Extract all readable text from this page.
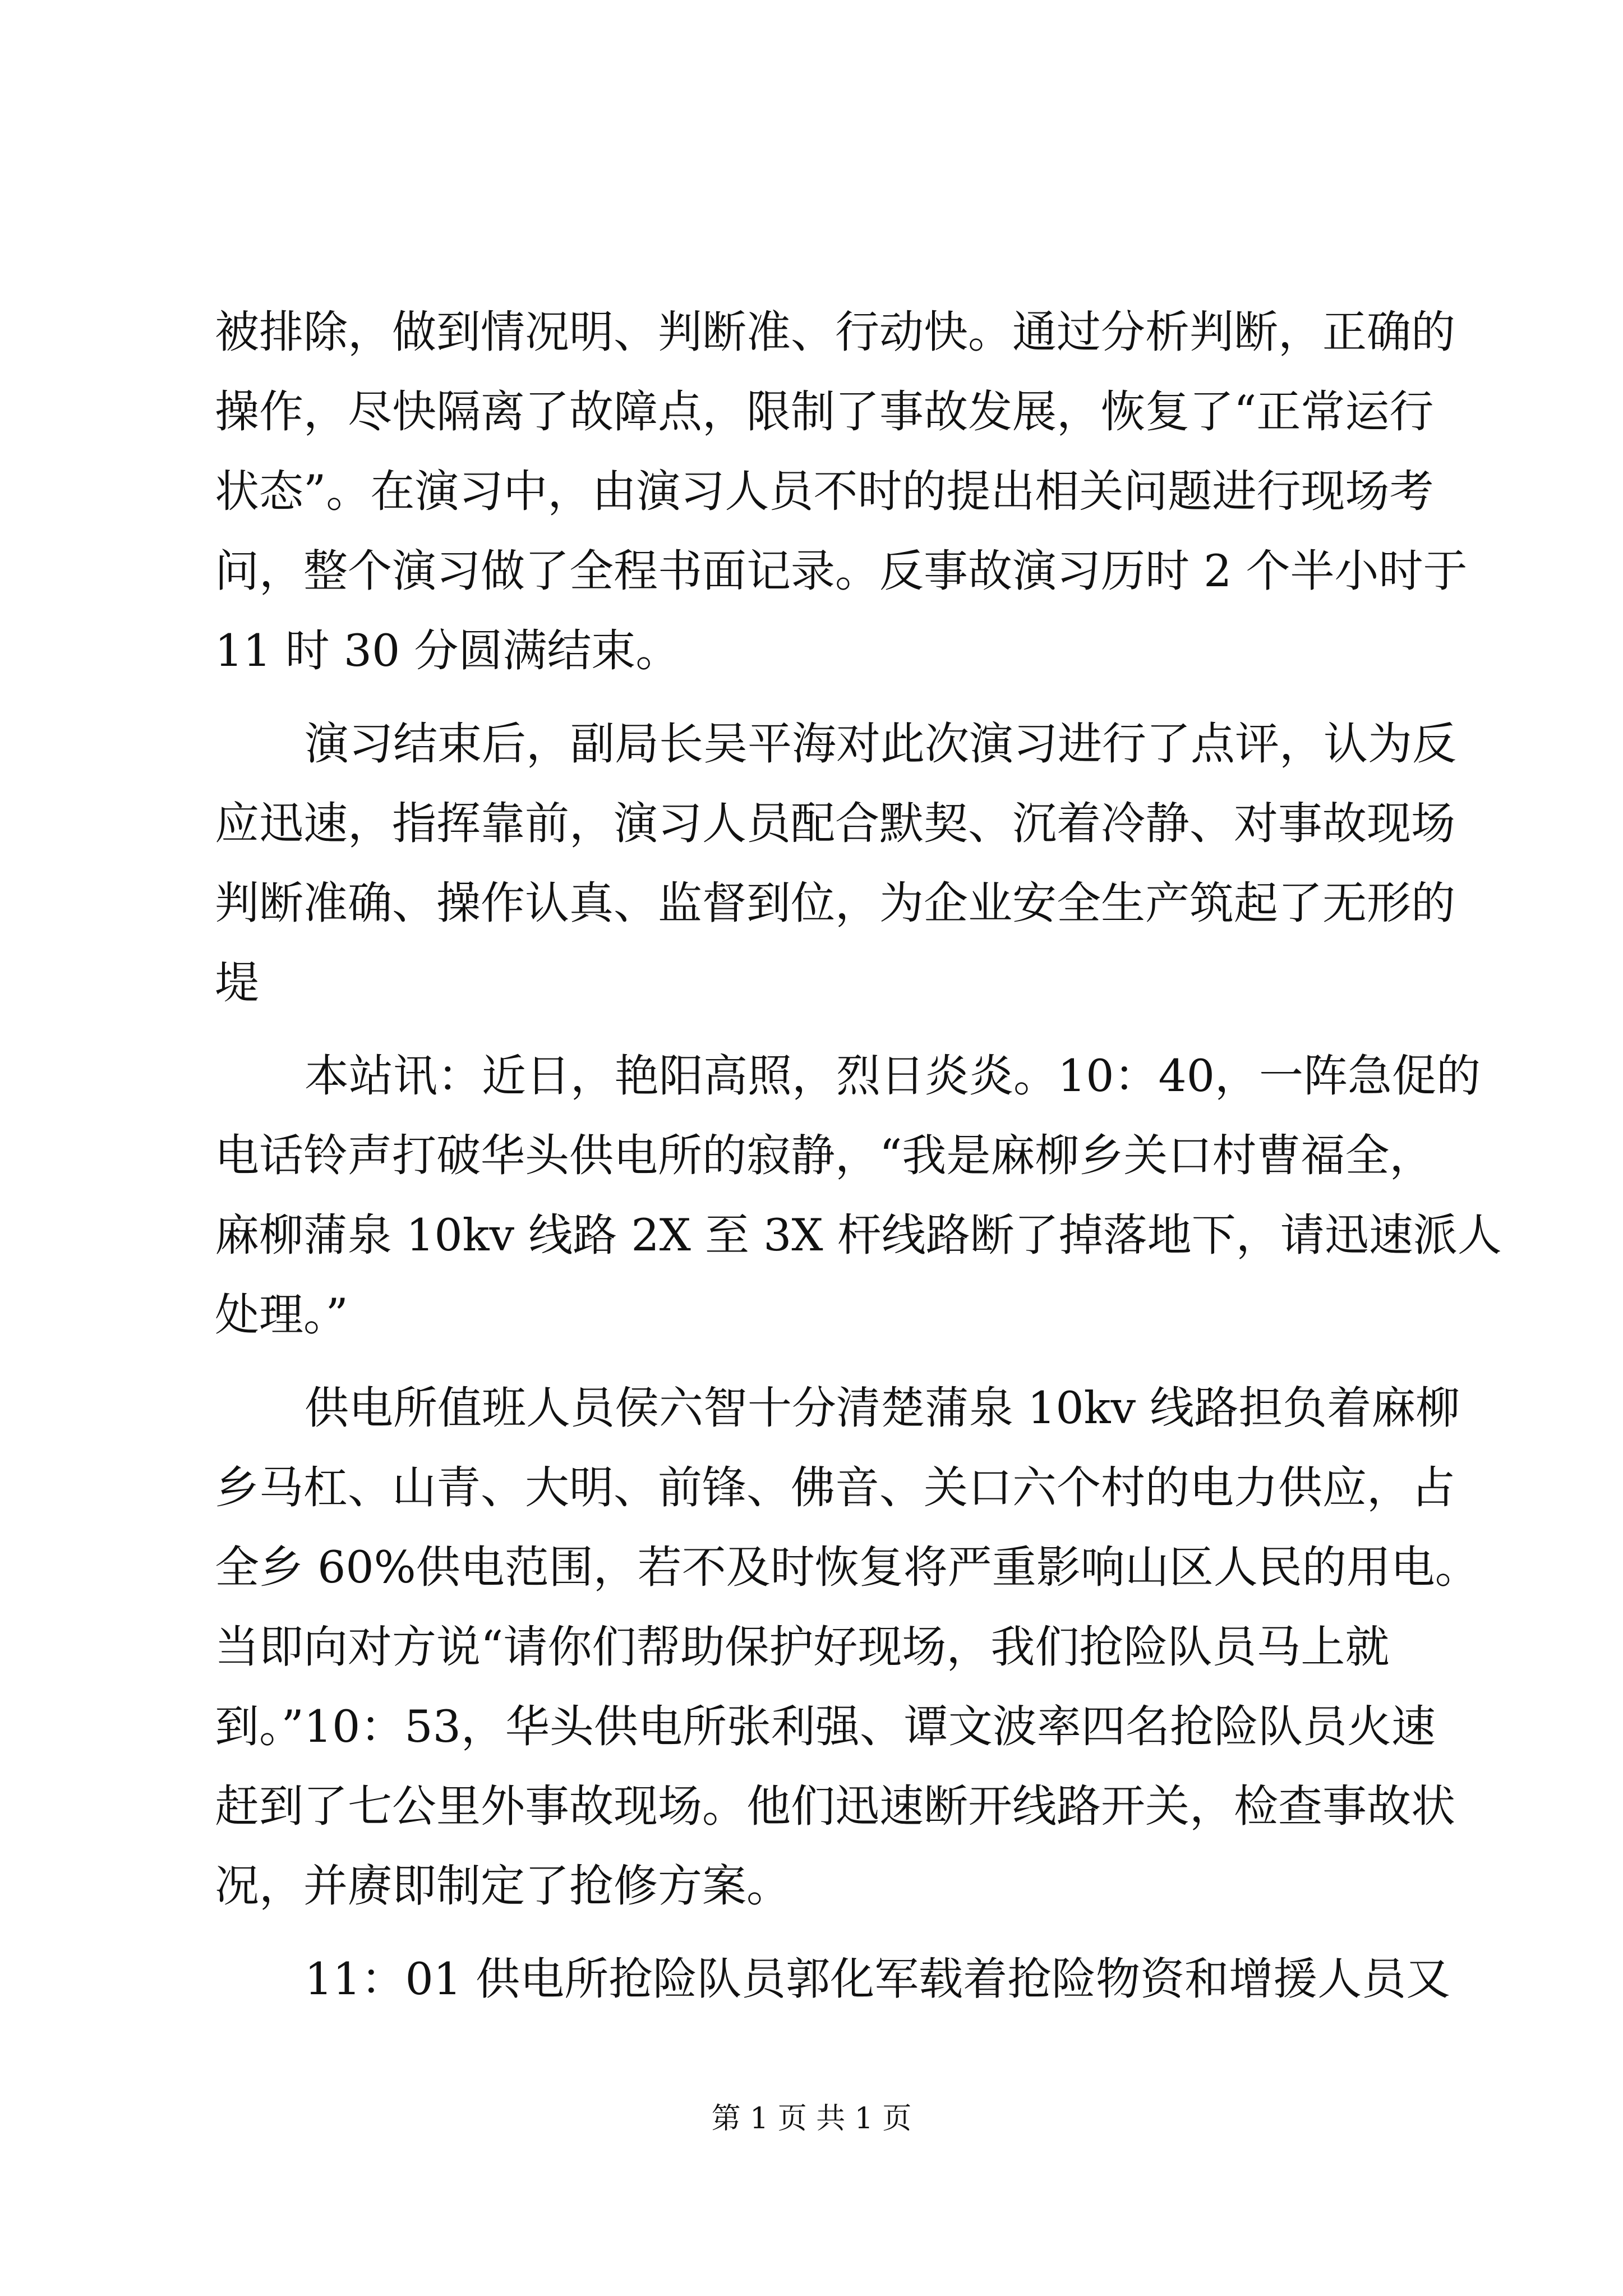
被排除，做到情况明、判断准、行动快。通过分析判断，正确的
操作，尽快隔离了故障点，限制了事故发展，恢复了“正常运行
状态”。在演习中，由演习人员不时的提出相关问题进行现场考
问，整个演习做了全程书面记录。反事故演习历时 2 个半小时于
11 时 30 分圆满结束。
演习结束后，副局长吴平海对此次演习进行了点评，认为反
应迅速，指挥靠前，演习人员配合默契、沉着冷静、对事故现场
判断准确、操作认真、监督到位，为企业安全生产筑起了无形的
堤
本站讯：近日，艳阳高照，烈日炎炎。10：40，一阵急促的
电话铃声打破华头供电所的寂静，“我是麻柳乡关口村曹福全，
麻柳蒲泉 10kv 线路 2X 至 3X 杆线路断了掉落地下，请迅速派人
处理。”
供电所值班人员侯六智十分清楚蒲泉 10kv 线路担负着麻柳
乡马杠、山青、大明、前锋、佛音、关口六个村的电力供应，占
全乡 60%供电范围，若不及时恢复将严重影响山区人民的用电。
当即向对方说“请你们帮助保护好现场，我们抢险队员马上就
到。”10：53，华头供电所张利强、谭文波率四名抢险队员火速
赶到了七公里外事故现场。他们迅速断开线路开关，检查事故状
况，并赓即制定了抢修方案。
11：01 供电所抢险队员郭化军载着抢险物资和增援人员又
第 1 页 共 1 页
